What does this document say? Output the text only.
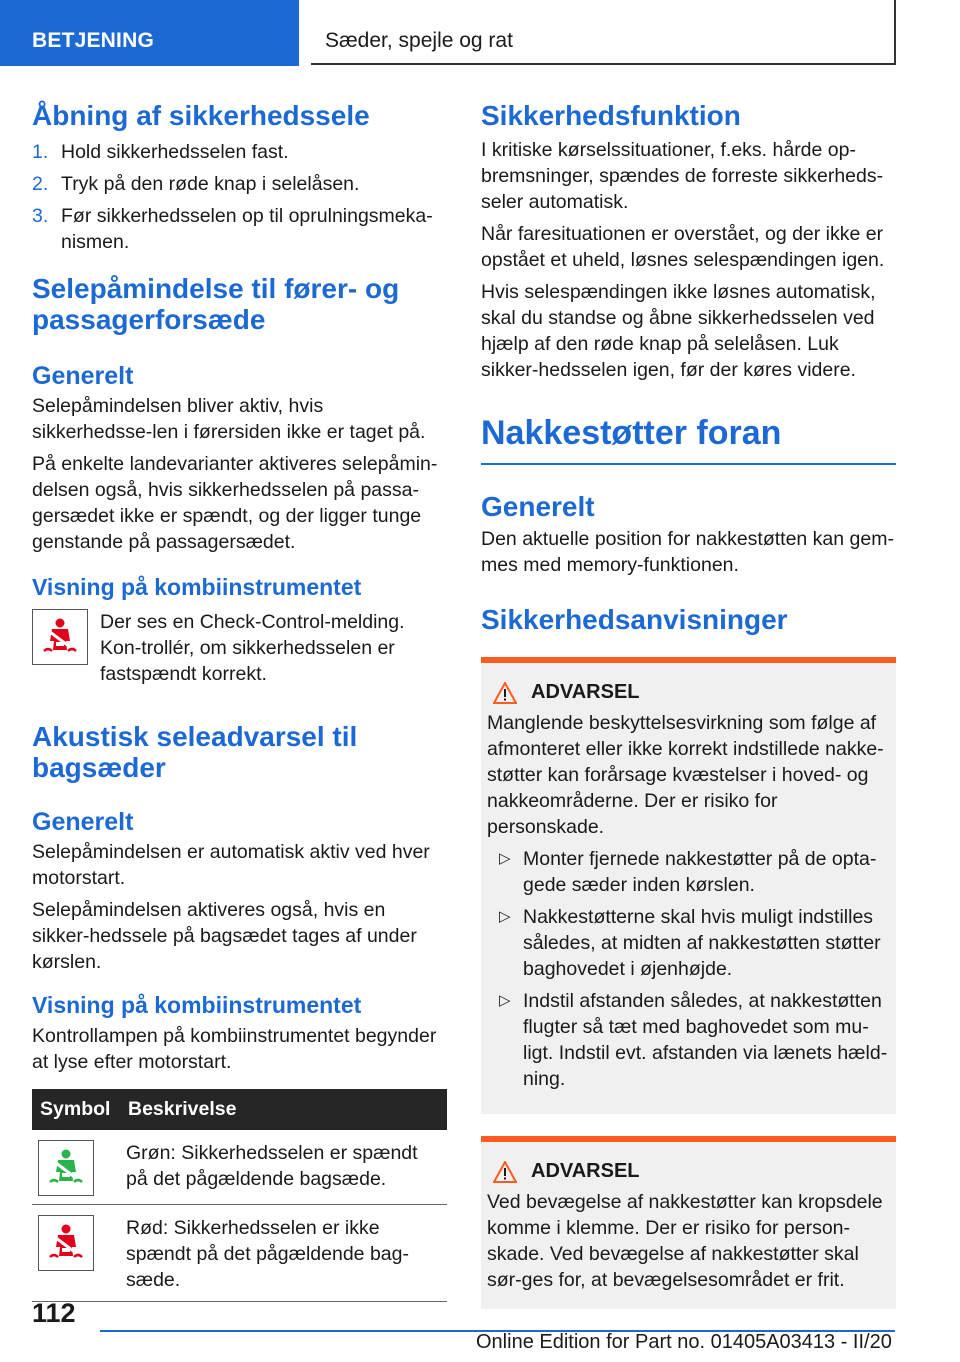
BETJENING	Sæder, spejle og rat
Åbning af sikkerhedssele
1. Hold sikkerhedsselen fast.
2. Tryk på den røde knap i selelåsen.
3. Før sikkerhedsselen op til oprulningsmeka-nismen.
Selepåmindelse til fører- og passagerforsæde
Generelt

Selepåmindelsen bliver aktiv, hvis sikkerhedsse-len i førersiden ikke er taget på.

På enkelte landevarianter aktiveres selepåmin-delsen også, hvis sikkerhedsselen på passa-gersædet ikke er spændt, og der ligger tunge genstande på passagersædet.

Visning på kombiinstrumentet

Der ses en Check-Control-melding. Kon-trollér, om sikkerhedsselen er fastspændt korrekt.

Akustisk seleadvarsel til bagsæder
Generelt

Selepåmindelsen er automatisk aktiv ved hver motorstart.

Selepåmindelsen aktiveres også, hvis en sikker-hedssele på bagsædet tages af under kørslen.

Visning på kombiinstrumentet

Kontrollampen på kombiinstrumentet begynder at lyse efter motorstart.

Symbol	Beskrivelse

	Grøn: Sikkerhedsselen er spændt på det pågældende bagsæde.

	Rød: Sikkerhedsselen er ikke spændt på det pågældende bag-sæde.
Sikkerhedsfunktion

I kritiske kørselssituationer, f.eks. hårde op-bremsninger, spændes de forreste sikkerheds-seler automatisk.

Når faresituationen er overstået, og der ikke er opstået et uheld, løsnes selespændingen igen.

Hvis selespændingen ikke løsnes automatisk, skal du standse og åbne sikkerhedsselen ved hjælp af den røde knap på selelåsen. Luk sikker-hedsselen igen, før der køres videre.

Nakkestøtter foran
Generelt

Den aktuelle position for nakkestøtten kan gem-mes med memory-funktionen.

Sikkerhedsanvisninger
ADVARSEL

Manglende beskyttelsesvirkning som følge af afmonteret eller ikke korrekt indstillede nakke-støtter kan forårsage kvæstelser i hoved- og nakkeområderne. Der er risiko for personskade.

▷ Monter fjernede nakkestøtter på de opta-gede sæder inden kørslen.
▷ Nakkestøtterne skal hvis muligt indstilles således, at midten af nakkestøtten støtter baghovedet i øjenhøjde.
▷ Indstil afstanden således, at nakkestøtten flugter så tæt med baghovedet som mu-ligt. Indstil evt. afstanden via lænets hæld-ning.
ADVARSEL

Ved bevægelse af nakkestøtter kan kropsdele komme i klemme. Der er risiko for person-skade. Ved bevægelse af nakkestøtter skal sør-ges for, at bevægelsesområdet er frit.

112
Online Edition for Part no. 01405A03413 - II/20
